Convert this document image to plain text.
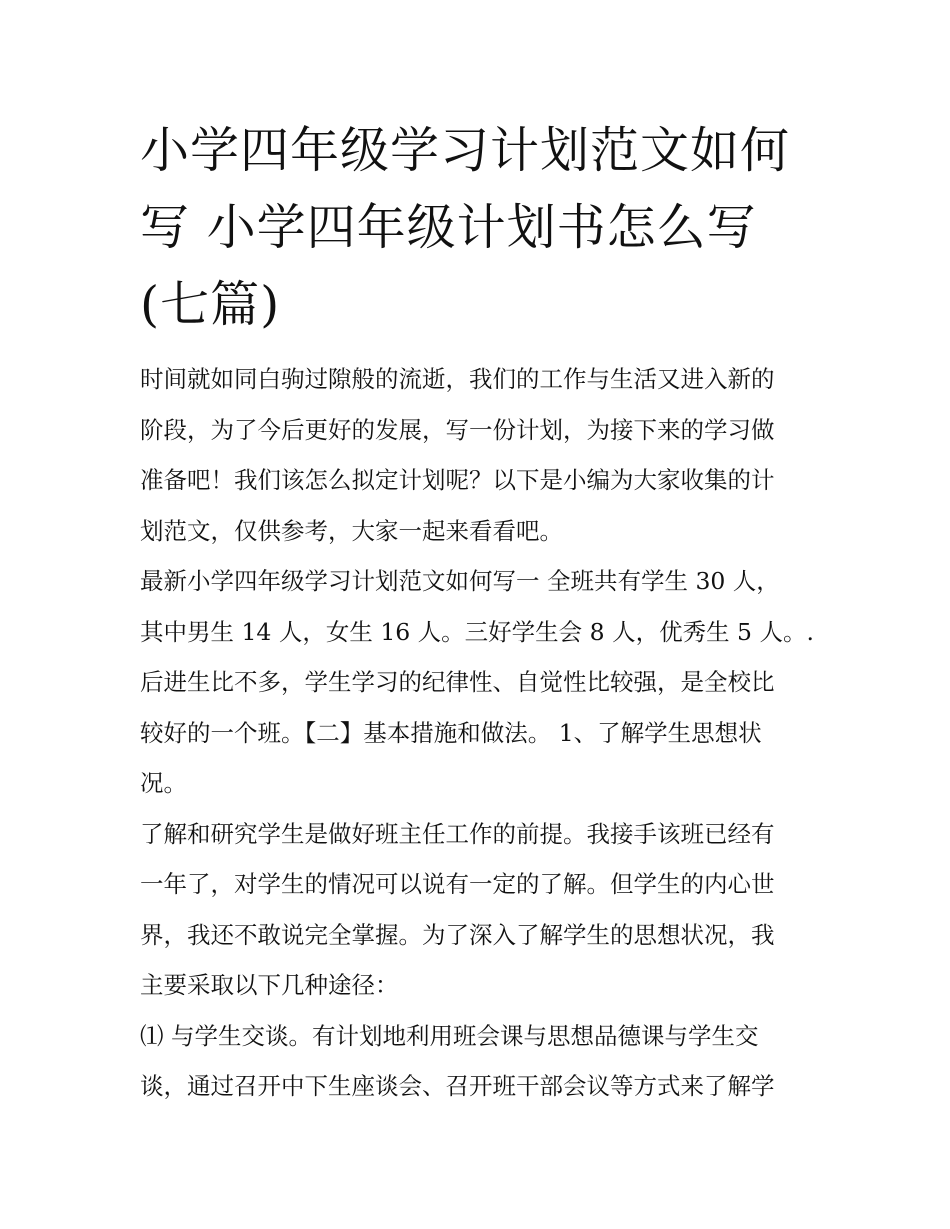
小学四年级学习计划范文如何
写 小学四年级计划书怎么写
(七篇)

时间就如同白驹过隙般的流逝，我们的工作与生活又进入新的
阶段，为了今后更好的发展，写一份计划，为接下来的学习做
准备吧！我们该怎么拟定计划呢？以下是小编为大家收集的计
划范文，仅供参考，大家一起来看看吧。

最新小学四年级学习计划范文如何写一 全班共有学生 30 人，
其中男生 14 人，女生 16 人。三好学生会 8 人，优秀生 5 人。.
后进生比不多，学生学习的纪律性、自觉性比较强，是全校比
较好的一个班。【二】基本措施和做法。 1、了解学生思想状
况。

了解和研究学生是做好班主任工作的前提。我接手该班已经有
一年了，对学生的情况可以说有一定的了解。但学生的内心世
界，我还不敢说完全掌握。为了深入了解学生的思想状况，我
主要采取以下几种途径：

⑴ 与学生交谈。有计划地利用班会课与思想品德课与学生交
谈，通过召开中下生座谈会、召开班干部会议等方式来了解学
